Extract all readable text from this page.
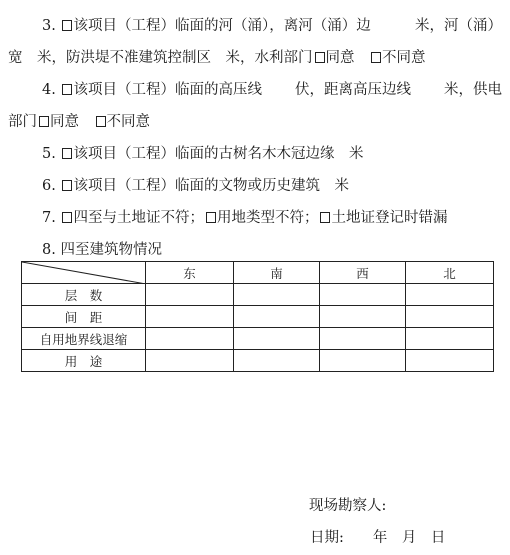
3. 该项目（工程）临面的河（涌），离河（涌）边	米，河（涌）
宽　米，防洪堤不准建筑控制区　米，水利部门 同意　 不同意
4. 该项目（工程）临面的高压线 伏，距离高压边线 米，供电
部门 同意　 不同意
5. 该项目（工程）临面的古树名木木冠边缘　米
6. 该项目（工程）临面的文物或历史建筑　米
7. 四至与土地证不符； 用地类型不符； 土地证登记时错漏
8. 四至建筑物情况
	东	南	西	北
层　数				
间　距				
自用地界线退缩				
用　途				
现场勘察人:
日期:　　年　月　日
